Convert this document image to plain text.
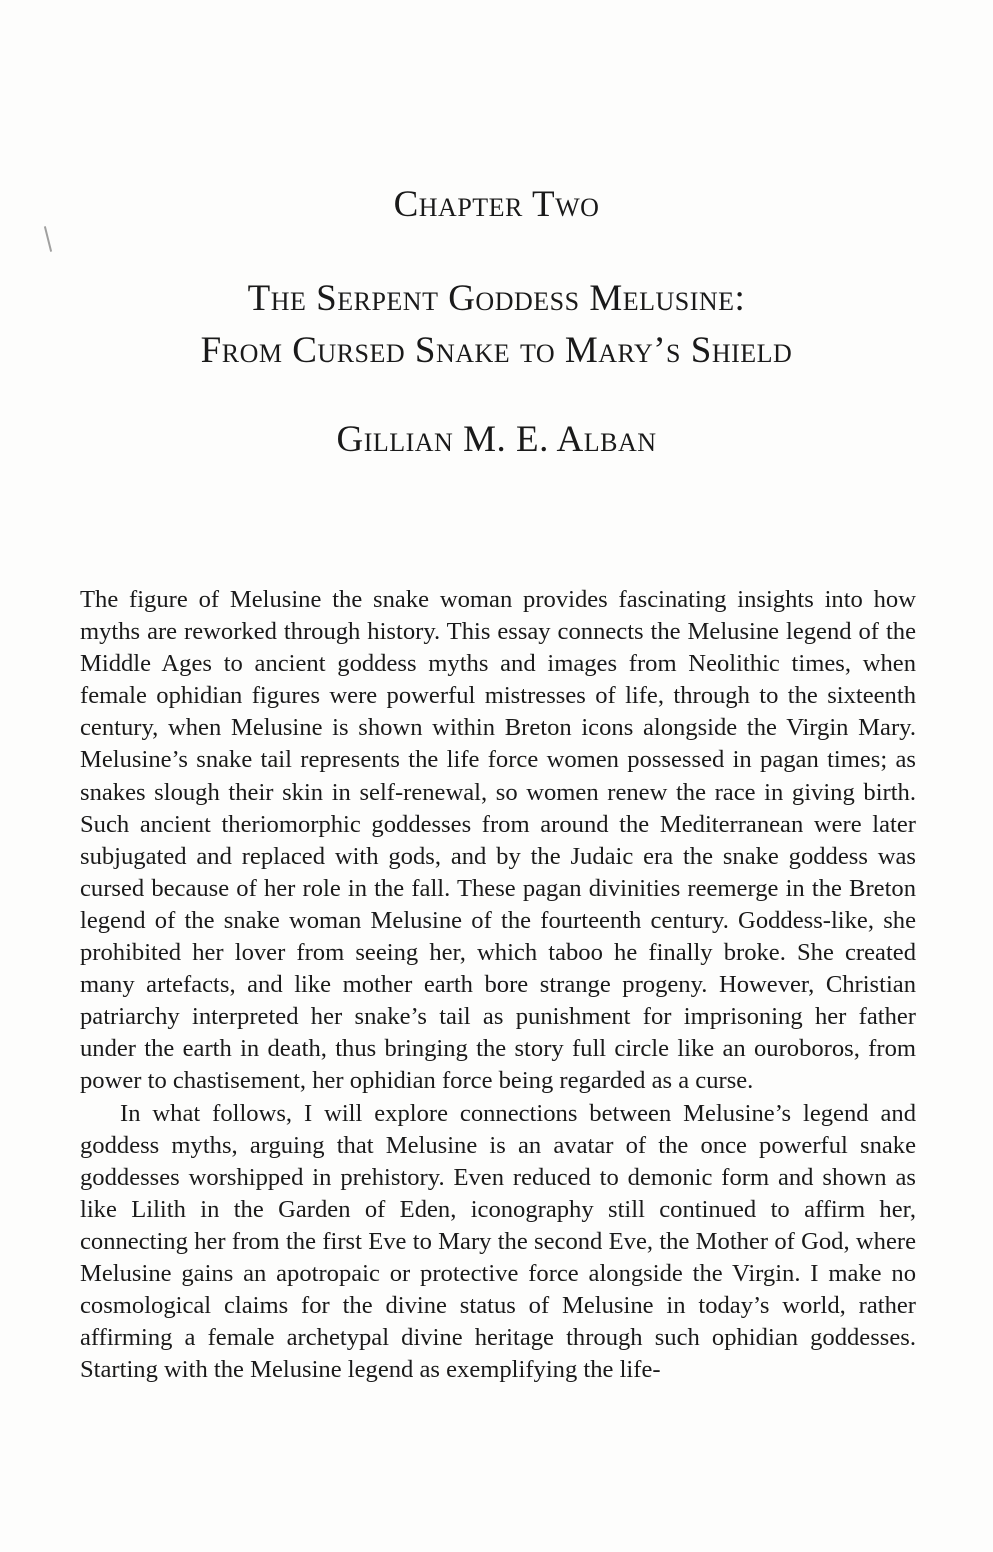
Chapter Two
The Serpent Goddess Melusine:
From Cursed Snake to Mary’s Shield
Gillian M. E. Alban

The figure of Melusine the snake woman provides fascinating insights into how myths are reworked through history. This essay connects the Melusine legend of the Middle Ages to ancient goddess myths and images from Neolithic times, when female ophidian figures were powerful mistresses of life, through to the sixteenth century, when Melusine is shown within Breton icons alongside the Virgin Mary. Melusine’s snake tail represents the life force women possessed in pagan times; as snakes slough their skin in self-renewal, so women renew the race in giving birth. Such ancient theriomorphic goddesses from around the Mediterranean were later subjugated and replaced with gods, and by the Judaic era the snake goddess was cursed because of her role in the fall. These pagan divinities reemerge in the Breton legend of the snake woman Melusine of the fourteenth century. Goddess-like, she prohibited her lover from seeing her, which taboo he finally broke. She created many artefacts, and like mother earth bore strange progeny. However, Christian patriarchy interpreted her snake’s tail as punishment for imprisoning her father under the earth in death, thus bringing the story full circle like an ouroboros, from power to chastisement, her ophidian force being regarded as a curse.

In what follows, I will explore connections between Melusine’s legend and goddess myths, arguing that Melusine is an avatar of the once powerful snake goddesses worshipped in prehistory. Even reduced to demonic form and shown as like Lilith in the Garden of Eden, iconography still continued to affirm her, connecting her from the first Eve to Mary the second Eve, the Mother of God, where Melusine gains an apotropaic or protective force alongside the Virgin. I make no cosmological claims for the divine status of Melusine in today’s world, rather affirming a female archetypal divine heritage through such ophidian goddesses. Starting with the Melusine legend as exemplifying the life-
